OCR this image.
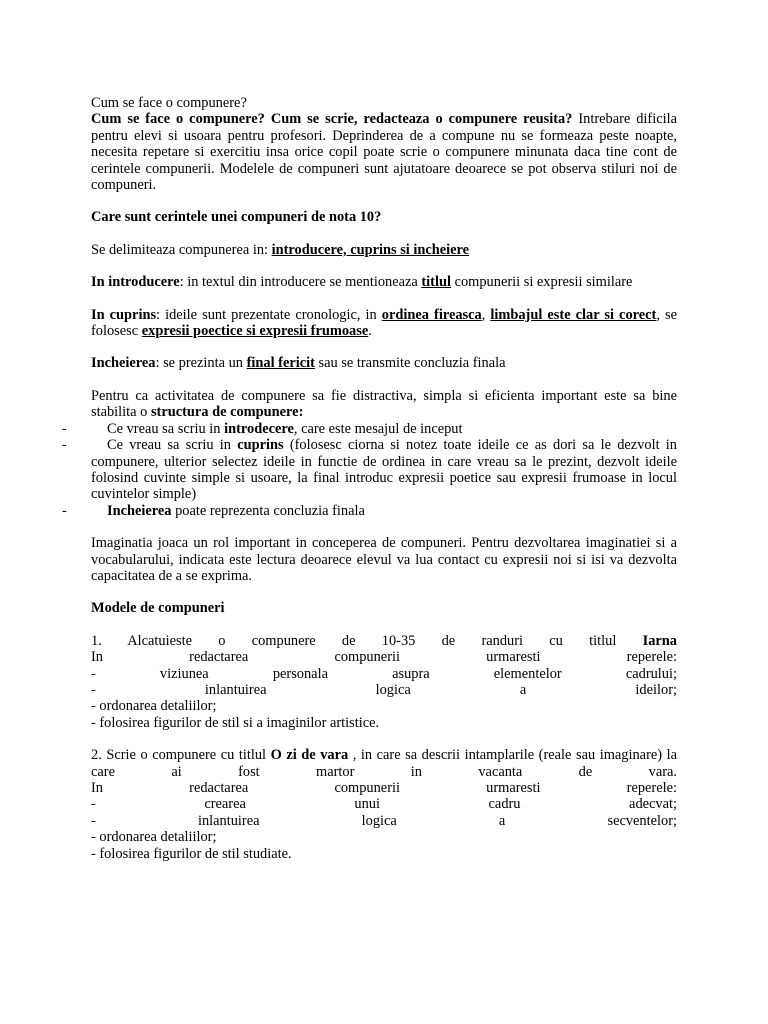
Cum se face o compunere?

Cum se face o compunere? Cum se scrie, redacteaza o compunere reusita? Intrebare dificila pentru elevi si usoara pentru profesori. Deprinderea de a compune nu se formeaza peste noapte, necesita repetare si exercitiu insa orice copil poate scrie o compunere minunata daca tine cont de cerintele compunerii. Modelele de compuneri sunt ajutatoare deoarece se pot observa stiluri noi de compuneri.

Care sunt cerintele unei compuneri de nota 10?

Se delimiteaza compunerea in: introducere, cuprins si incheiere

In introducere: in textul din introducere se mentioneaza titlul compunerii si expresii similare

In cuprins: ideile sunt prezentate cronologic, in ordinea fireasca, limbajul este clar si corect, se folosesc expresii poectice si expresii frumoase.

Incheierea: se prezinta un final fericit sau se transmite concluzia finala

Pentru ca activitatea de compunere sa fie distractiva, simpla si eficienta important este sa bine stabilita o structura de compunere:

-	Ce vreau sa scriu in introdecere, care este mesajul de inceput

-	Ce vreau sa scriu in cuprins (folosesc ciorna si notez toate ideile ce as dori sa le dezvolt in compunere, ulterior selectez ideile in functie de ordinea in care vreau sa le prezint, dezvolt ideile folosind cuvinte simple si usoare, la final introduc expresii poetice sau expresii frumoase in locul cuvintelor simple)

-	Incheierea poate reprezenta concluzia finala

Imaginatia joaca un rol important in conceperea de compuneri. Pentru dezvoltarea imaginatiei si a vocabularului, indicata este lectura deoarece elevul va lua contact cu expresii noi si isi va dezvolta capacitatea de a se exprima.

Modele de compuneri

1. Alcatuieste o compunere de 10-35 de randuri cu titlul Iarna

In redactarea compunerii urmaresti reperele:

- viziunea personala asupra elementelor cadrului;

- inlantuirea logica a ideilor;

- ordonarea detaliilor;

- folosirea figurilor de stil si a imaginilor artistice.

2. Scrie o compunere cu titlul O zi de vara , in care sa descrii intamplarile (reale sau imaginare) la care ai fost martor in vacanta de vara.

In redactarea compunerii urmaresti reperele:

- crearea unui cadru adecvat;

- inlantuirea logica a secventelor;

- ordonarea detaliilor;

- folosirea figurilor de stil studiate.
